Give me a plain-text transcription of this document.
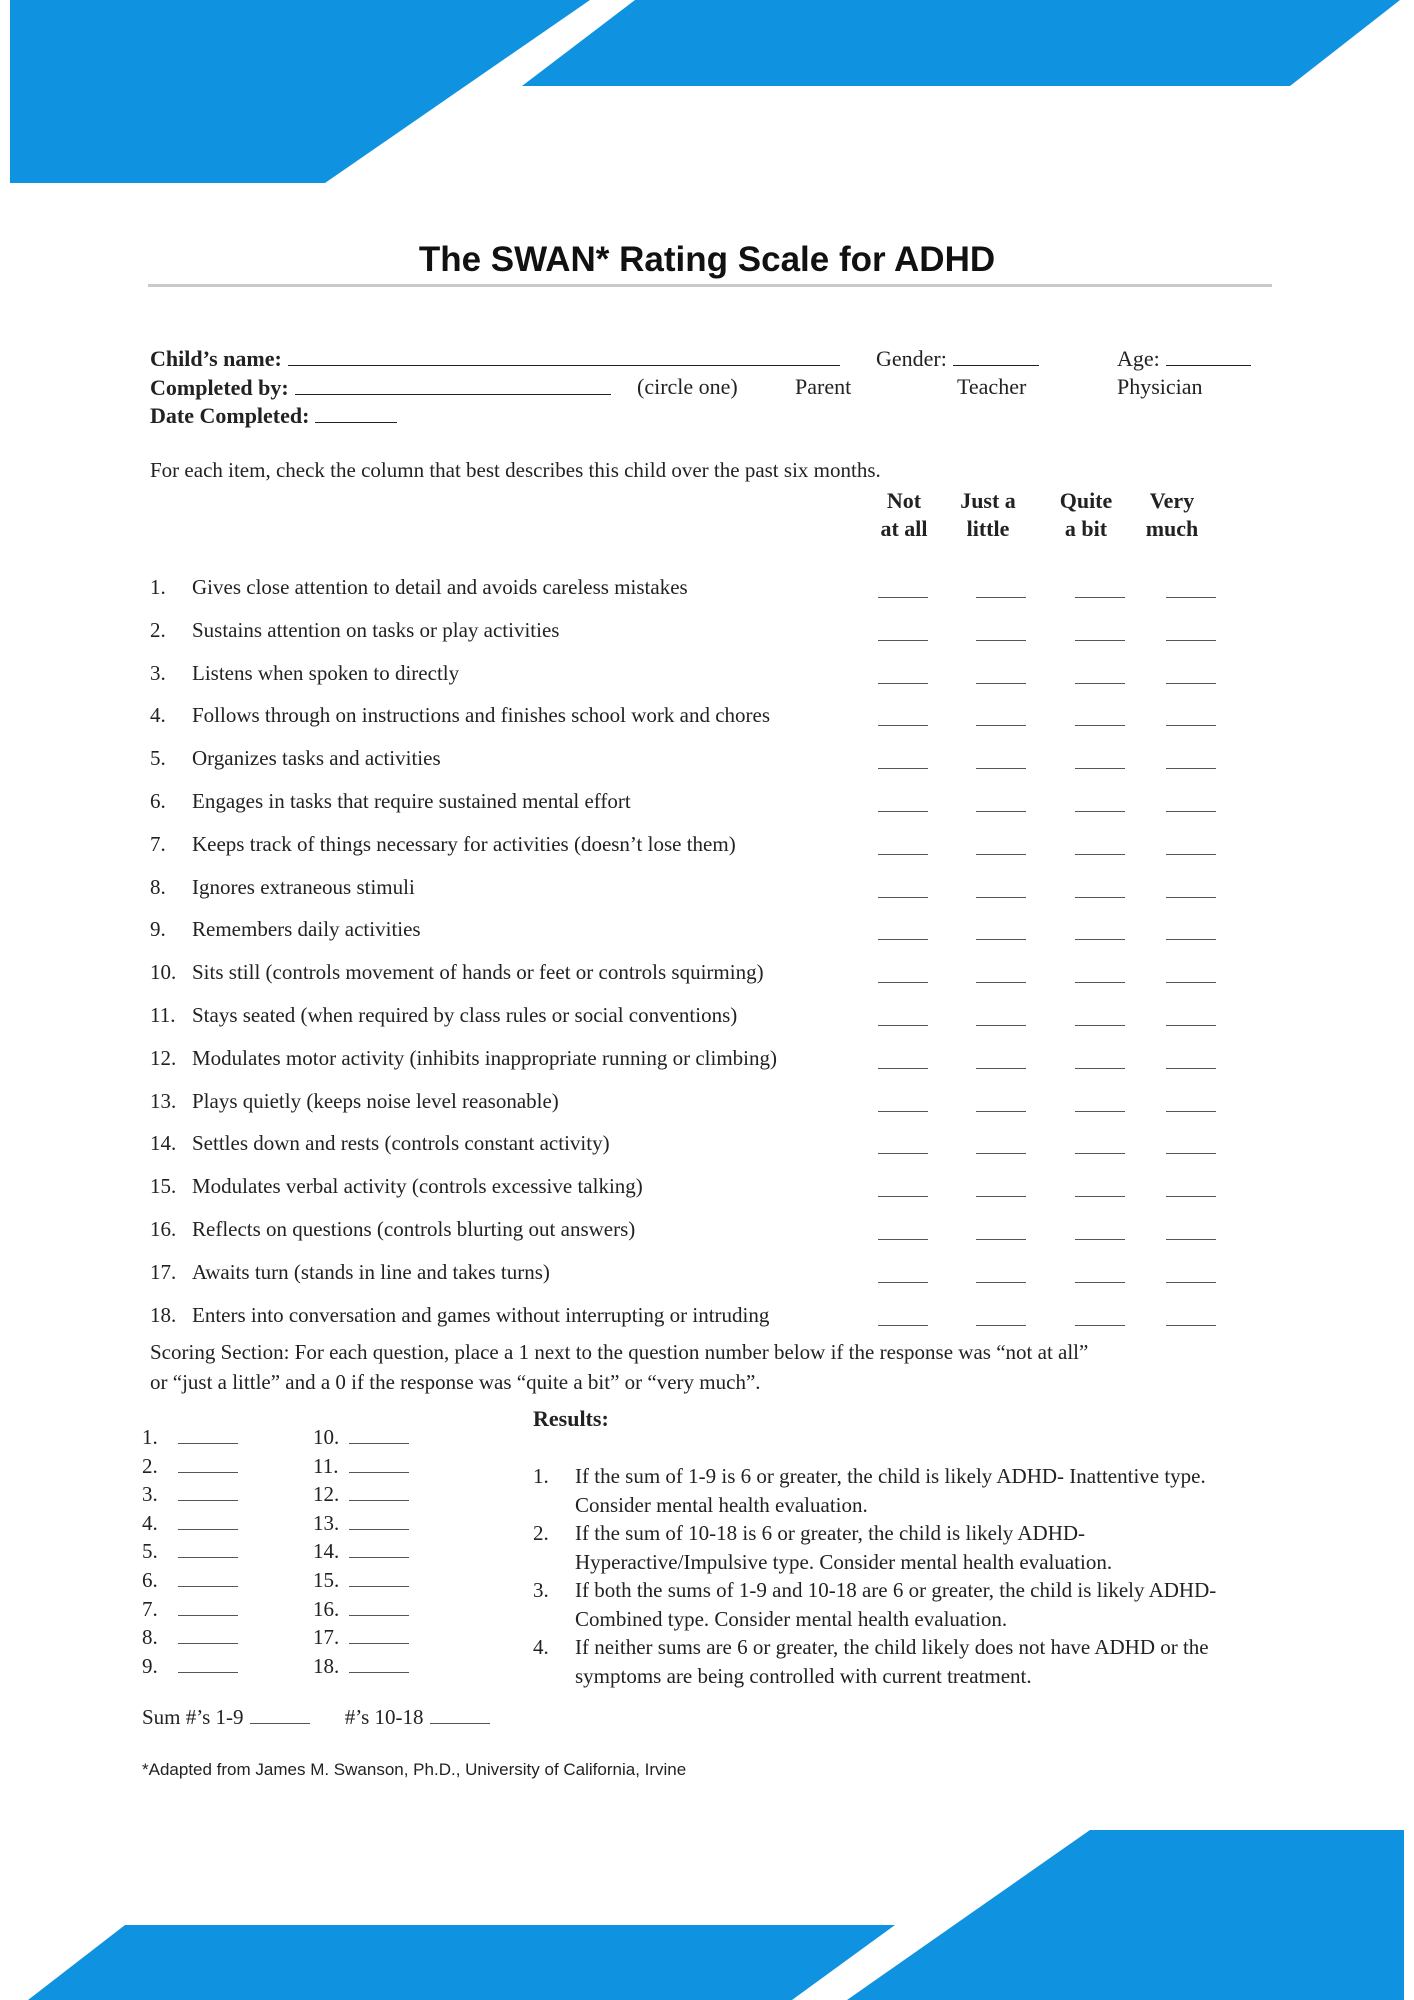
The SWAN* Rating Scale for ADHD
Child’s name:	Gender:	Age:
Completed by:	(circle one)	Parent	Teacher	Physician
Date Completed:
For each item, check the column that best describes this child over the past six months.
Not
at all
Just a
little
Quite
a bit
Very
much
1. Gives close attention to detail and avoids careless mistakes
2. Sustains attention on tasks or play activities
3. Listens when spoken to directly
4. Follows through on instructions and finishes school work and chores
5. Organizes tasks and activities
6. Engages in tasks that require sustained mental effort
7. Keeps track of things necessary for activities (doesn’t lose them)
8. Ignores extraneous stimuli
9. Remembers daily activities
10. Sits still (controls movement of hands or feet or controls squirming)
11. Stays seated (when required by class rules or social conventions)
12. Modulates motor activity (inhibits inappropriate running or climbing)
13. Plays quietly (keeps noise level reasonable)
14. Settles down and rests (controls constant activity)
15. Modulates verbal activity (controls excessive talking)
16. Reflects on questions (controls blurting out answers)
17. Awaits turn (stands in line and takes turns)
18. Enters into conversation and games without interrupting or intruding
Scoring Section: For each question, place a 1 next to the question number below if the response was “not at all”
or “just a little” and a 0 if the response was “quite a bit” or “very much”.
1.
2.
3.
4.
5.
6.
7.
8.
9.
10.
11.
12.
13.
14.
15.
16.
17.
18.
Results:
1. If the sum of 1-9 is 6 or greater, the child is likely ADHD- Inattentive type. Consider mental health evaluation.
2. If the sum of 10-18 is 6 or greater, the child is likely ADHD-Hyperactive/Impulsive type. Consider mental health evaluation.
3. If both the sums of 1-9 and 10-18 are 6 or greater, the child is likely ADHD-Combined type. Consider mental health evaluation.
4. If neither sums are 6 or greater, the child likely does not have ADHD or the symptoms are being controlled with current treatment.
Sum #’s 1-9	#’s 10-18
*Adapted from James M. Swanson, Ph.D., University of California, Irvine
